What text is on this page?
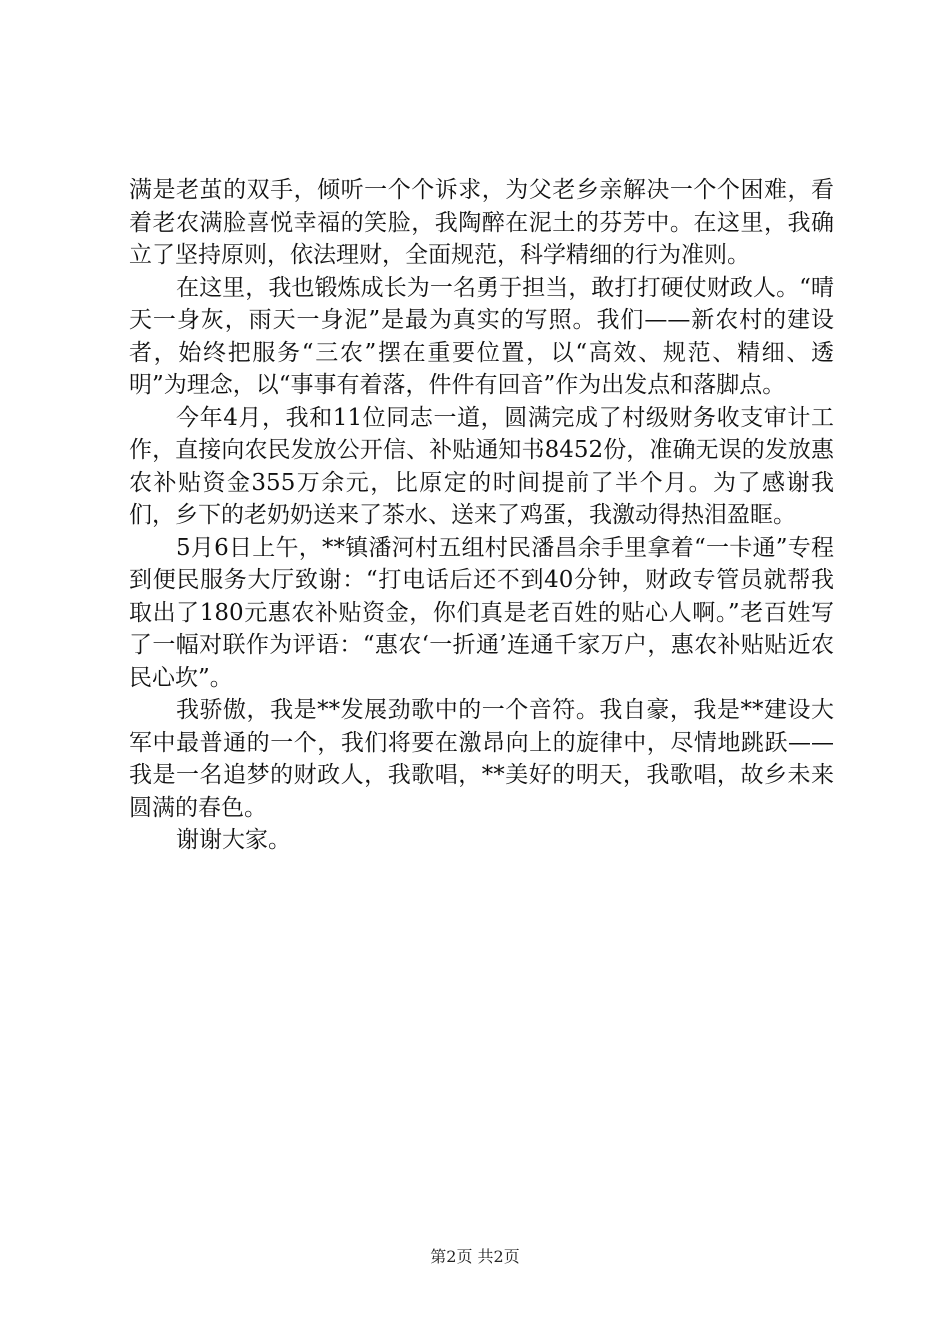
满是老茧的双手，倾听一个个诉求，为父老乡亲解决一个个困难，看着老农满脸喜悦幸福的笑脸，我陶醉在泥土的芬芳中。在这里，我确立了坚持原则，依法理财，全面规范，科学精细的行为准则。

在这里，我也锻炼成长为一名勇于担当，敢打打硬仗财政人。“晴天一身灰，雨天一身泥”是最为真实的写照。我们——新农村的建设者，始终把服务“三农”摆在重要位置，以“高效、规范、精细、透明”为理念，以“事事有着落，件件有回音”作为出发点和落脚点。

今年4月，我和11位同志一道，圆满完成了村级财务收支审计工作，直接向农民发放公开信、补贴通知书8452份，准确无误的发放惠农补贴资金355万余元，比原定的时间提前了半个月。为了感谢我们，乡下的老奶奶送来了茶水、送来了鸡蛋，我激动得热泪盈眶。

5月6日上午，**镇潘河村五组村民潘昌余手里拿着“一卡通”专程到便民服务大厅致谢：“打电话后还不到40分钟，财政专管员就帮我取出了180元惠农补贴资金，你们真是老百姓的贴心人啊。”老百姓写了一幅对联作为评语：“惠农‘一折通’连通千家万户，惠农补贴贴近农民心坎”。

我骄傲，我是**发展劲歌中的一个音符。我自豪，我是**建设大军中最普通的一个，我们将要在激昂向上的旋律中，尽情地跳跃——我是一名追梦的财政人，我歌唱，**美好的明天，我歌唱，故乡未来圆满的春色。

谢谢大家。

第2页 共2页
